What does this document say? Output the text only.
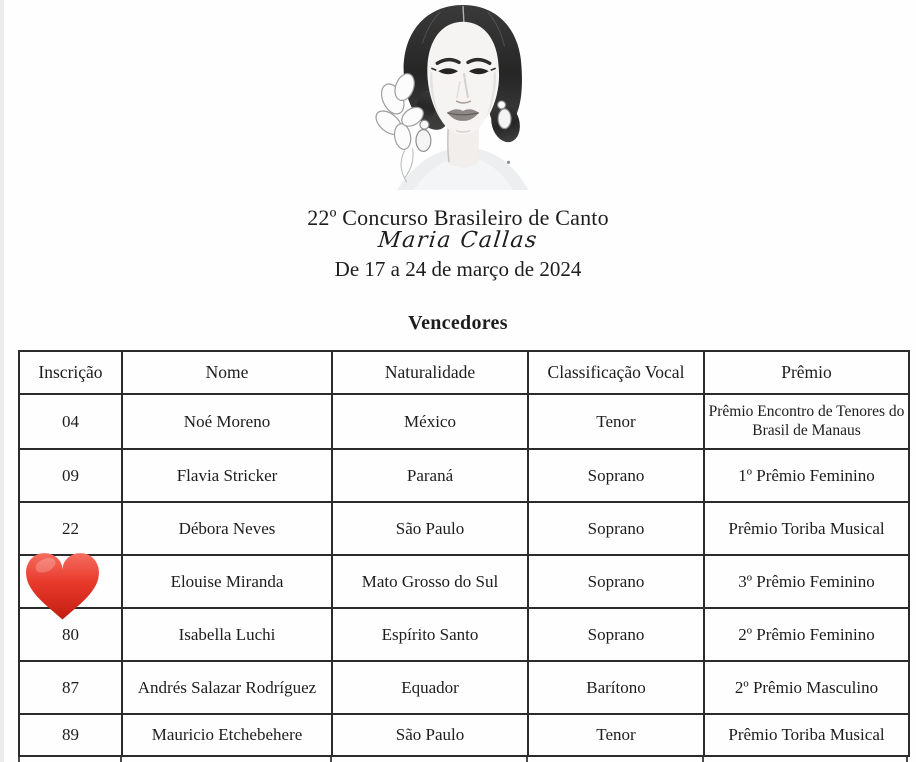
22º Concurso Brasileiro de Canto
Maria Callas
De 17 a 24 de março de 2024
Vencedores
Inscrição	Nome	Naturalidade	Classificação Vocal	Prêmio
04	Noé Moreno	México	Tenor	Prêmio Encontro de Tenores do Brasil de Manaus
09	Flavia Stricker	Paraná	Soprano	1º Prêmio Feminino
22	Débora Neves	São Paulo	Soprano	Prêmio Toriba Musical
	Elouise Miranda	Mato Grosso do Sul	Soprano	3º Prêmio Feminino
80	Isabella Luchi	Espírito Santo	Soprano	2º Prêmio Feminino
87	Andrés Salazar Rodríguez	Equador	Barítono	2º Prêmio Masculino
89	Mauricio Etchebehere	São Paulo	Tenor	Prêmio Toriba Musical
